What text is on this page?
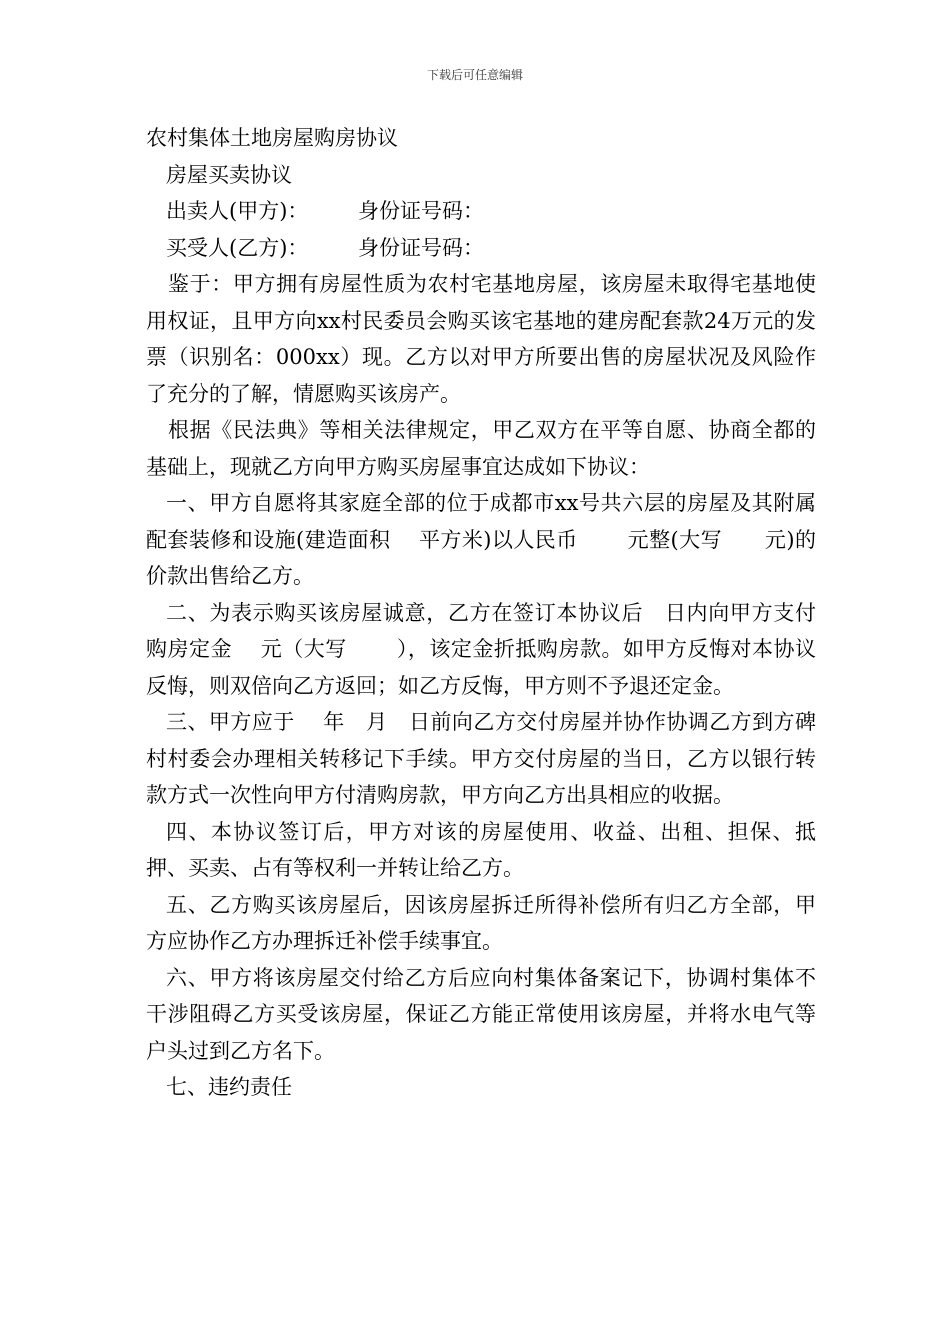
下载后可任意编辑

农村集体土地房屋购房协议

房屋买卖协议

出卖人(甲方)：	身份证号码：
买受人(乙方)：	身份证号码：

鉴于：甲方拥有房屋性质为农村宅基地房屋，该房屋未取得宅基地使用权证，且甲方向xx村民委员会购买该宅基地的建房配套款24万元的发票（识别名：000xx）现。乙方以对甲方所要出售的房屋状况及风险作了充分的了解，情愿购买该房产。

根据《民法典》等相关法律规定，甲乙双方在平等自愿、协商全都的基础上，现就乙方向甲方购买房屋事宜达成如下协议：

一、甲方自愿将其家庭全部的位于成都市xx号共六层的房屋及其附属配套装修和设施(建造面积　 平方米)以人民币　　 元整(大写　　元)的价款出售给乙方。

二、为表示购买该房屋诚意，乙方在签订本协议后　日内向甲方支付购房定金　 元（大写　　 ），该定金折抵购房款。如甲方反悔对本协议反悔，则双倍向乙方返回；如乙方反悔，甲方则不予退还定金。

三、甲方应于　 年　月　日前向乙方交付房屋并协作协调乙方到方碑村村委会办理相关转移记下手续。甲方交付房屋的当日，乙方以银行转款方式一次性向甲方付清购房款，甲方向乙方出具相应的收据。

四、本协议签订后，甲方对该的房屋使用、收益、出租、担保、抵押、买卖、占有等权利一并转让给乙方。

五、乙方购买该房屋后，因该房屋拆迁所得补偿所有归乙方全部，甲方应协作乙方办理拆迁补偿手续事宜。

六、甲方将该房屋交付给乙方后应向村集体备案记下，协调村集体不干涉阻碍乙方买受该房屋，保证乙方能正常使用该房屋，并将水电气等户头过到乙方名下。

七、违约责任
